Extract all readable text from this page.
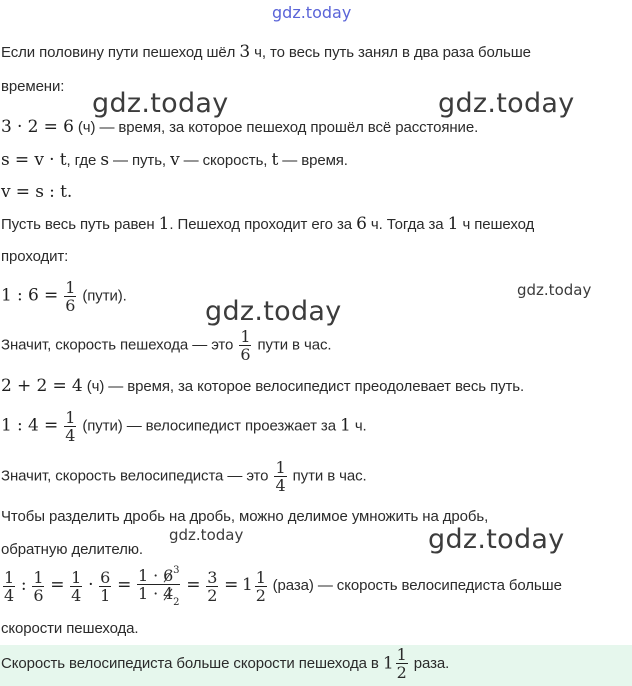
gdz.today
gdz.today	gdz.today
gdz.today
gdz.today
gdz.today	gdz.today
Если половину пути пешеход шёл 3 ч, то весь путь занял в два раза больше
времени:
3 · 2 = 6 (ч) — время, за которое пешеход прошёл всё расстояние.
s = v · t, где s — путь, v — скорость, t — время.
v = s : t.
Пусть весь путь равен 1. Пешеход проходит его за 6 ч. Тогда за 1 ч пешеход
проходит:
1 : $6 = \frac{1}{6}$ (пути).
Значит, скорость пешехода — это $\frac{1}{6}$ пути в час.
2 + 2 = 4 (ч) — время, за которое велосипедист преодолевает весь путь.
1 : $4 = \frac{1}{4}$ (пути) — велосипедист проезжает за 1 ч.
Значит, скорость велосипедиста — это $\frac{1}{4}$ пути в час.
Чтобы разделить дробь на дробь, можно делимое умножить на дробь,
обратную делителю.
$\frac{1}{4}$ : $\frac{1}{6} = \frac{1}{4} \cdot \frac{6}{1} = \frac{1 \cdot 6^3}{1 \cdot 4_2} = \frac{3}{2} = 1 \frac{1}{2}$ (раза) — скорость велосипедиста больше
скорости пешехода.
Скорость велосипедиста больше скорости пешехода в $1 \frac{1}{2}$ раза.
